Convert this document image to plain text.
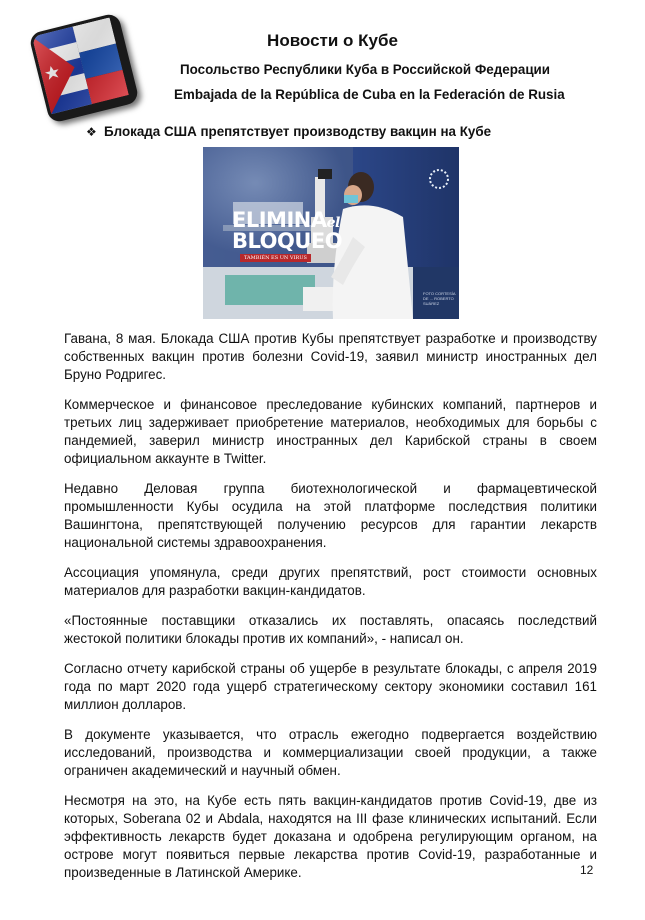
Новости о Кубе
Посольство Республики Куба в Российской Федерации
Embajada de la República de Cuba en la Federación de Rusia
❖ Блокада США препятствует производству вакцин на Кубе
ELIMINAel
BLOQUEO
TAMBIÉN ES UN VIRUS
FOTO CORTESÍA DE ... ROBERTO SUÁREZ

Гавана, 8 мая. Блокада США против Кубы препятствует разработке и производству собственных вакцин против болезни Covid-19, заявил министр иностранных дел Бруно Родригес.

Коммерческое и финансовое преследование кубинских компаний, партнеров и третьих лиц задерживает приобретение материалов, необходимых для борьбы с пандемией, заверил министр иностранных дел Карибской страны в своем официальном аккаунте в Twitter.

Недавно Деловая группа биотехнологической и фармацевтической промышленности Кубы осудила на этой платформе последствия политики Вашингтона, препятствующей получению ресурсов для гарантии лекарств национальной системы здравоохранения.

Ассоциация упомянула, среди других препятствий, рост стоимости основных материалов для разработки вакцин-кандидатов.

«Постоянные поставщики отказались их поставлять, опасаясь последствий жестокой политики блокады против их компаний», - написал он.

Согласно отчету карибской страны об ущербе в результате блокады, с апреля 2019 года по март 2020 года ущерб стратегическому сектору экономики составил 161 миллион долларов.

В документе указывается, что отрасль ежегодно подвергается воздействию исследований, производства и коммерциализации своей продукции, а также ограничен академический и научный обмен.

Несмотря на это, на Кубе есть пять вакцин-кандидатов против Covid-19, две из которых, Soberana 02 и Abdala, находятся на III фазе клинических испытаний. Если эффективность лекарств будет доказана и одобрена регулирующим органом, на острове могут появиться первые лекарства против Covid-19, разработанные и произведенные в Латинской Америке.	12
